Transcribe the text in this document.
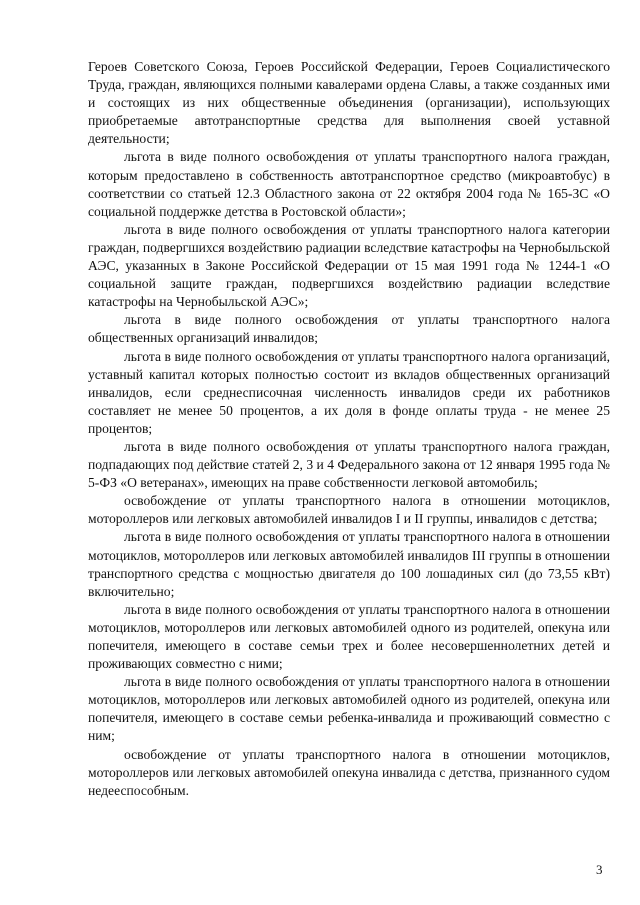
Героев Советского Союза, Героев Российской Федерации, Героев Социалистического Труда, граждан, являющихся полными кавалерами ордена Славы, а также созданных ими и состоящих из них общественные объединения (организации), использующих приобретаемые автотранспортные средства для выполнения своей уставной деятельности;

льгота в виде полного освобождения от уплаты транспортного налога граждан, которым предоставлено в собственность автотранспортное средство (микроавтобус) в соответствии со статьей 12.3 Областного закона от 22 октября 2004 года № 165-ЗС «О социальной поддержке детства в Ростовской области»;

льгота в виде полного освобождения от уплаты транспортного налога категории граждан, подвергшихся воздействию радиации вследствие катастрофы на Чернобыльской АЭС, указанных в Законе Российской Федерации от 15 мая 1991 года № 1244-1 «О социальной защите граждан, подвергшихся воздействию радиации вследствие катастрофы на Чернобыльской АЭС»;

льгота в виде полного освобождения от уплаты транспортного налога общественных организаций инвалидов;

льгота в виде полного освобождения от уплаты транспортного налога организаций, уставный капитал которых полностью состоит из вкладов общественных организаций инвалидов, если среднесписочная численность инвалидов среди их работников составляет не менее 50 процентов, а их доля в фонде оплаты труда - не менее 25 процентов;

льгота в виде полного освобождения от уплаты транспортного налога граждан, подпадающих под действие статей 2, 3 и 4 Федерального закона от 12 января 1995 года № 5-ФЗ «О ветеранах», имеющих на праве собственности легковой автомобиль;

освобождение от уплаты транспортного налога в отношении мотоциклов, мотороллеров или легковых автомобилей инвалидов I и II группы, инвалидов с детства;

льгота в виде полного освобождения от уплаты транспортного налога в отношении мотоциклов, мотороллеров или легковых автомобилей инвалидов III группы в отношении транспортного средства с мощностью двигателя до 100 лошадиных сил (до 73,55 кВт) включительно;

льгота в виде полного освобождения от уплаты транспортного налога в отношении мотоциклов, мотороллеров или легковых автомобилей одного из родителей, опекуна или попечителя, имеющего в составе семьи трех и более несовершеннолетних детей и проживающих совместно с ними;

льгота в виде полного освобождения от уплаты транспортного налога в отношении мотоциклов, мотороллеров или легковых автомобилей одного из родителей, опекуна или попечителя, имеющего в составе семьи ребенка-инвалида и проживающий совместно с ним;

освобождение от уплаты транспортного налога в отношении мотоциклов, мотороллеров или легковых автомобилей опекуна инвалида с детства, признанного судом недееспособным.

3
